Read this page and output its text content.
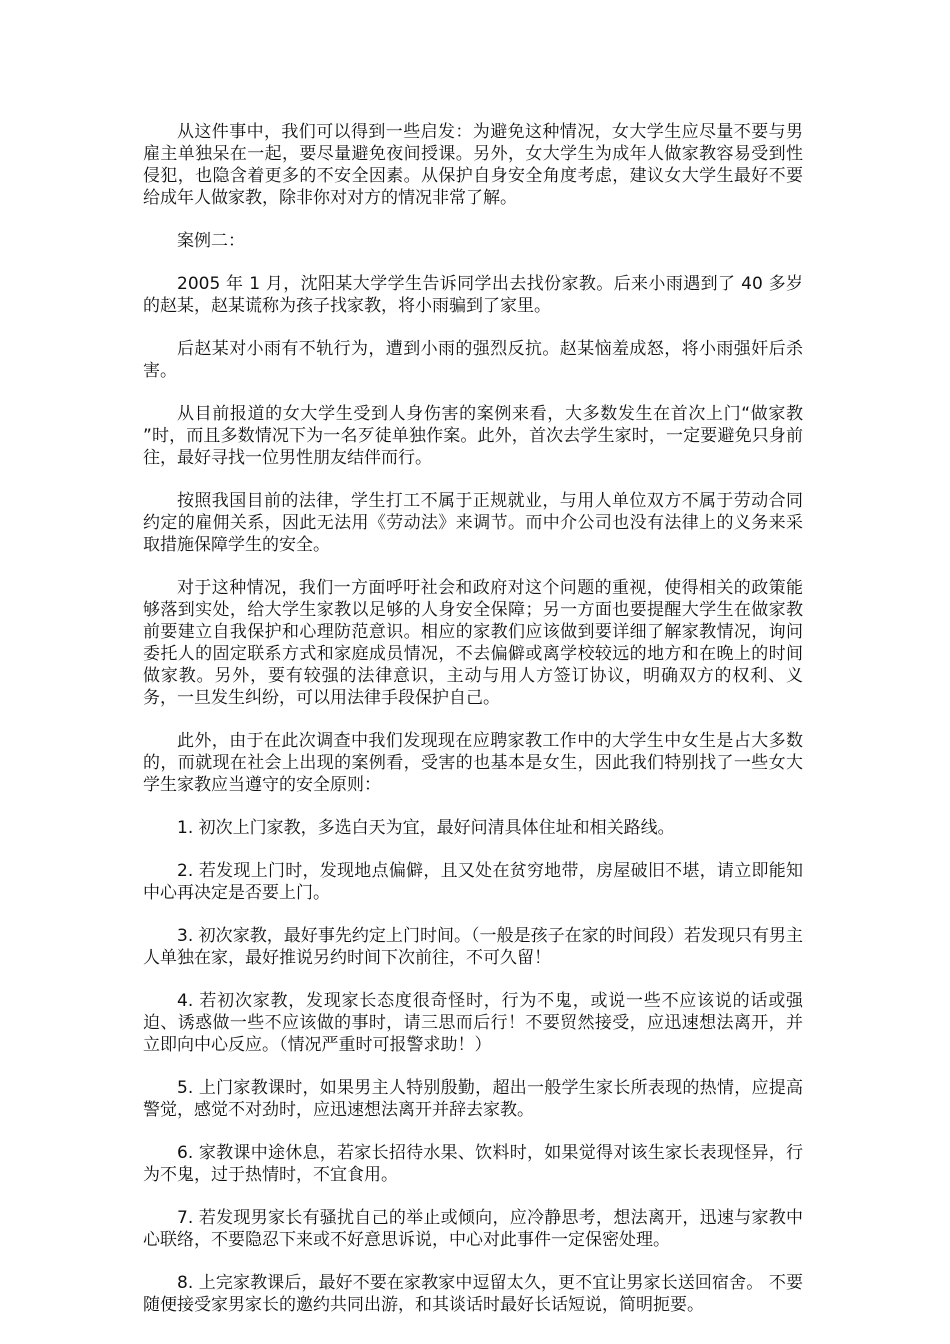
从这件事中，我们可以得到一些启发：为避免这种情况，女大学生应尽量不要与男雇主单独呆在一起，要尽量避免夜间授课。另外，女大学生为成年人做家教容易受到性侵犯，也隐含着更多的不安全因素。从保护自身安全角度考虑，建议女大学生最好不要给成年人做家教，除非你对对方的情况非常了解。

案例二：

2005 年 1 月，沈阳某大学学生告诉同学出去找份家教。后来小雨遇到了 40 多岁的赵某，赵某谎称为孩子找家教，将小雨骗到了家里。

后赵某对小雨有不轨行为，遭到小雨的强烈反抗。赵某恼羞成怒，将小雨强奸后杀害。

从目前报道的女大学生受到人身伤害的案例来看，大多数发生在首次上门“做家教 ”时，而且多数情况下为一名歹徒单独作案。此外，首次去学生家时，一定要避免只身前往，最好寻找一位男性朋友结伴而行。

按照我国目前的法律，学生打工不属于正规就业，与用人单位双方不属于劳动合同约定的雇佣关系，因此无法用《劳动法》来调节。而中介公司也没有法律上的义务来采取措施保障学生的安全。

对于这种情况，我们一方面呼吁社会和政府对这个问题的重视，使得相关的政策能够落到实处，给大学生家教以足够的人身安全保障；另一方面也要提醒大学生在做家教前要建立自我保护和心理防范意识。相应的家教们应该做到要详细了解家教情况，询问委托人的固定联系方式和家庭成员情况，不去偏僻或离学校较远的地方和在晚上的时间做家教。另外，要有较强的法律意识，主动与用人方签订协议，明确双方的权利、义务，一旦发生纠纷，可以用法律手段保护自己。

此外，由于在此次调查中我们发现现在应聘家教工作中的大学生中女生是占大多数的，而就现在社会上出现的案例看，受害的也基本是女生，因此我们特别找了一些女大学生家教应当遵守的安全原则：

1. 初次上门家教，多选白天为宜，最好问清具体住址和相关路线。

2. 若发现上门时，发现地点偏僻，且又处在贫穷地带，房屋破旧不堪，请立即能知中心再决定是否要上门。

3. 初次家教，最好事先约定上门时间。（一般是孩子在家的时间段）若发现只有男主人单独在家，最好推说另约时间下次前往，不可久留！

4. 若初次家教，发现家长态度很奇怪时，行为不鬼，或说一些不应该说的话或强迫、诱惑做一些不应该做的事时，请三思而后行！不要贸然接受，应迅速想法离开，并立即向中心反应。（情况严重时可报警求助！）

5. 上门家教课时，如果男主人特别殷勤，超出一般学生家长所表现的热情，应提高警觉，感觉不对劲时，应迅速想法离开并辞去家教。

6. 家教课中途休息，若家长招待水果、饮料时，如果觉得对该生家长表现怪异，行为不鬼，过于热情时，不宜食用。

7. 若发现男家长有骚扰自己的举止或倾向，应冷静思考，想法离开，迅速与家教中心联络，不要隐忍下来或不好意思诉说，中心对此事件一定保密处理。

8. 上完家教课后，最好不要在家教家中逗留太久，更不宜让男家长送回宿舍。 不要随便接受家男家长的邀约共同出游，和其谈话时最好长话短说，简明扼要。
